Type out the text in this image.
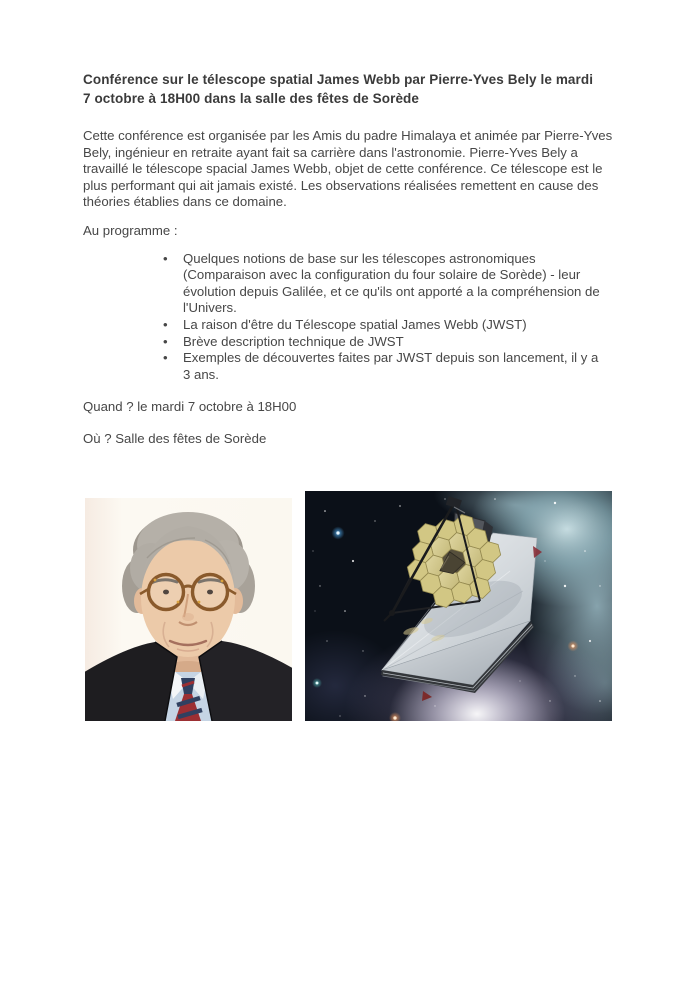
Conférence sur le télescope spatial James Webb par Pierre-Yves Bely le mardi 7 octobre à 18H00 dans la salle des fêtes de Sorède

Cette conférence est organisée par les Amis du padre Himalaya et animée par Pierre-Yves Bely, ingénieur en retraite ayant fait sa carrière dans l'astronomie. Pierre-Yves Bely a travaillé le télescope spacial James Webb, objet de cette conférence. Ce télescope est le plus performant qui ait jamais existé. Les observations réalisées remettent en cause des théories établies dans ce domaine.

Au programme :

• Quelques notions de base sur les télescopes astronomiques (Comparaison avec la configuration du four solaire de Sorède) - leur évolution depuis Galilée, et ce qu'ils ont apporté a la compréhension de l'Univers.
• La raison d'être du Télescope spatial James Webb (JWST)
• Brève description technique de JWST
• Exemples de découvertes faites par JWST depuis son lancement, il y a 3 ans.

Quand ? le mardi 7 octobre à 18H00

Où ? Salle des fêtes de Sorède
